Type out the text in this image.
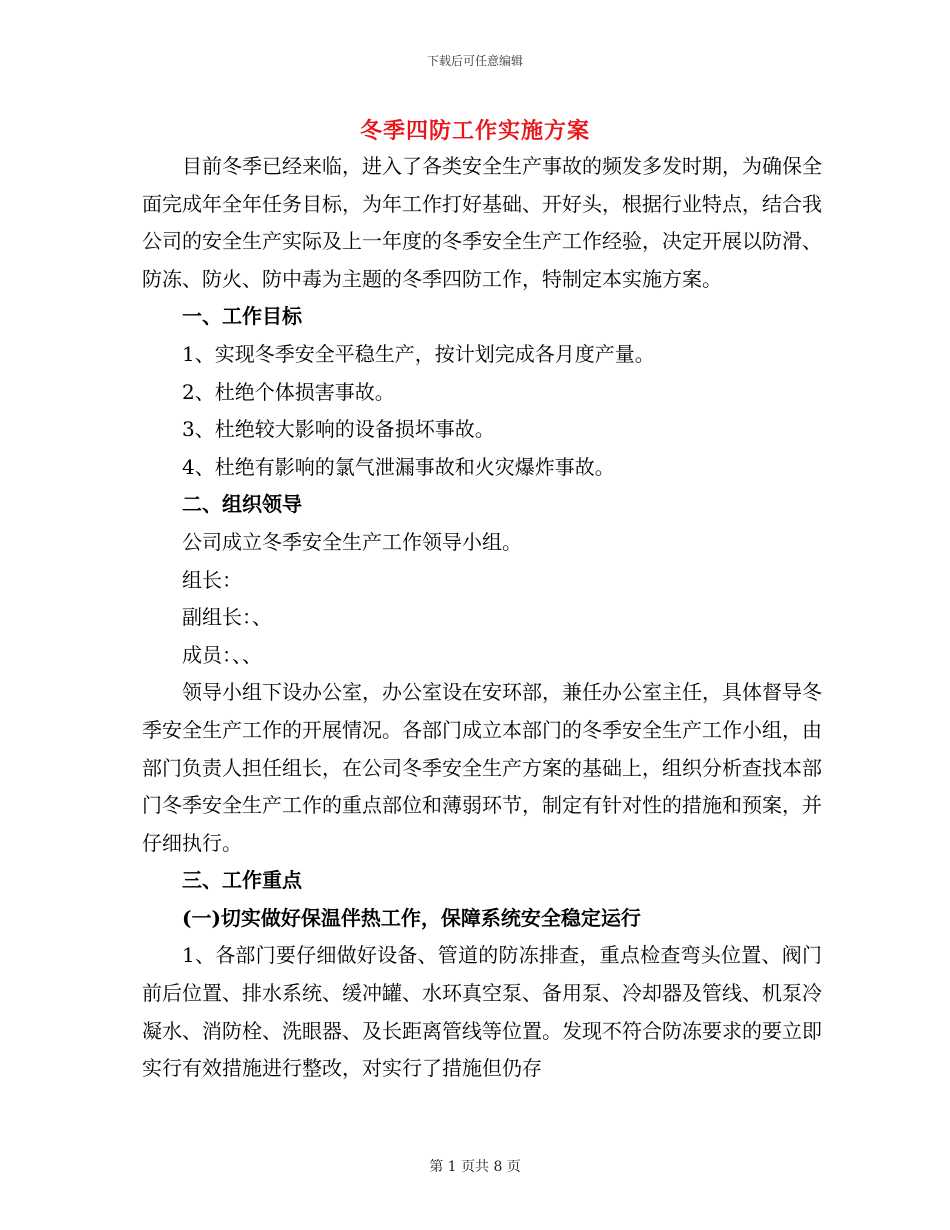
下载后可任意编辑
冬季四防工作实施方案

目前冬季已经来临，进入了各类安全生产事故的频发多发时期，为确保全面完成年全年任务目标，为年工作打好基础、开好头，根据行业特点，结合我公司的安全生产实际及上一年度的冬季安全生产工作经验，决定开展以防滑、防冻、防火、防中毒为主题的冬季四防工作，特制定本实施方案。

一、工作目标

1、实现冬季安全平稳生产，按计划完成各月度产量。

2、杜绝个体损害事故。

3、杜绝较大影响的设备损坏事故。

4、杜绝有影响的氯气泄漏事故和火灾爆炸事故。

二、组织领导

公司成立冬季安全生产工作领导小组。

组长：

副组长：、

成员：、、

领导小组下设办公室，办公室设在安环部，兼任办公室主任，具体督导冬季安全生产工作的开展情况。各部门成立本部门的冬季安全生产工作小组，由部门负责人担任组长，在公司冬季安全生产方案的基础上，组织分析查找本部门冬季安全生产工作的重点部位和薄弱环节，制定有针对性的措施和预案，并仔细执行。

三、工作重点

(一)切实做好保温伴热工作，保障系统安全稳定运行

1、各部门要仔细做好设备、管道的防冻排查，重点检查弯头位置、阀门前后位置、排水系统、缓冲罐、水环真空泵、备用泵、冷却器及管线、机泵冷凝水、消防栓、洗眼器、及长距离管线等位置。发现不符合防冻要求的要立即实行有效措施进行整改，对实行了措施但仍存

第 1 页共 8 页
